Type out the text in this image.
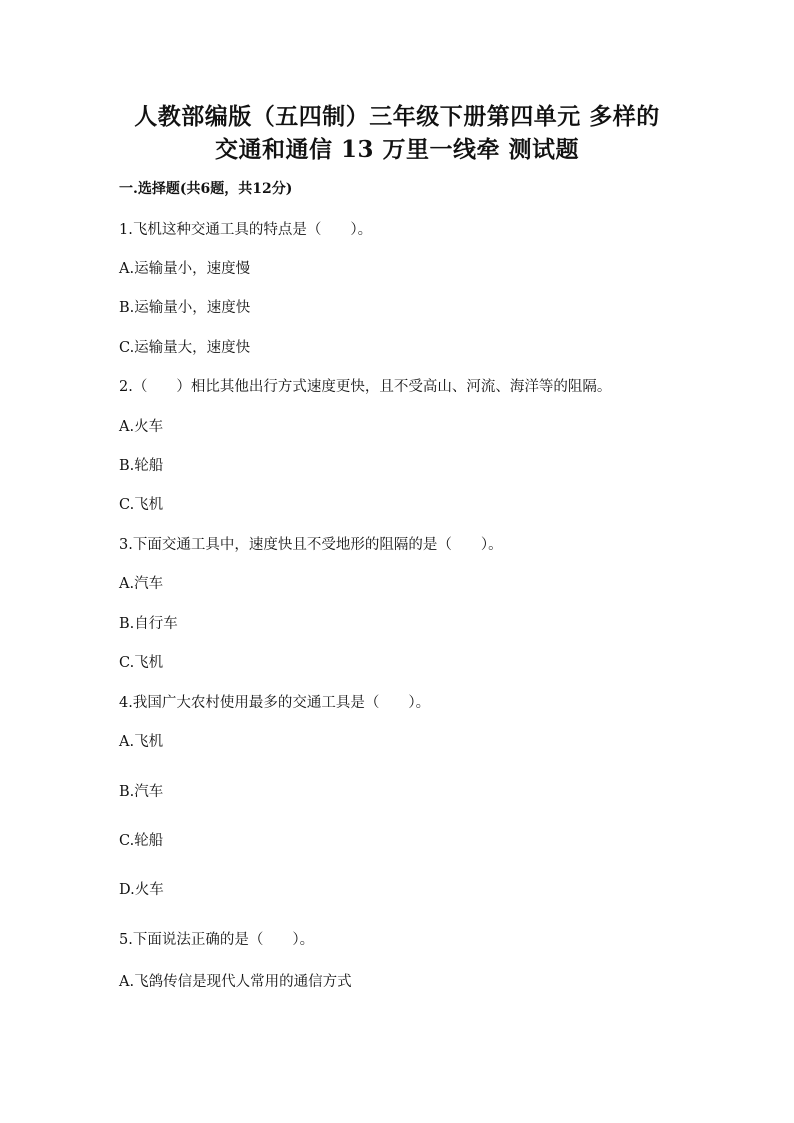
人教部编版（五四制）三年级下册第四单元 多样的
交通和通信 13 万里一线牵 测试题
一.选择题(共6题，共12分)
1.飞机这种交通工具的特点是（　　）。
A.运输量小，速度慢
B.运输量小，速度快
C.运输量大，速度快
2.（　　）相比其他出行方式速度更快，且不受高山、河流、海洋等的阻隔。
A.火车
B.轮船
C.飞机
3.下面交通工具中，速度快且不受地形的阻隔的是（　　）。
A.汽车
B.自行车
C.飞机
4.我国广大农村使用最多的交通工具是（　　）。
A.飞机
B.汽车
C.轮船
D.火车
5.下面说法正确的是（　　）。
A.飞鸽传信是现代人常用的通信方式
